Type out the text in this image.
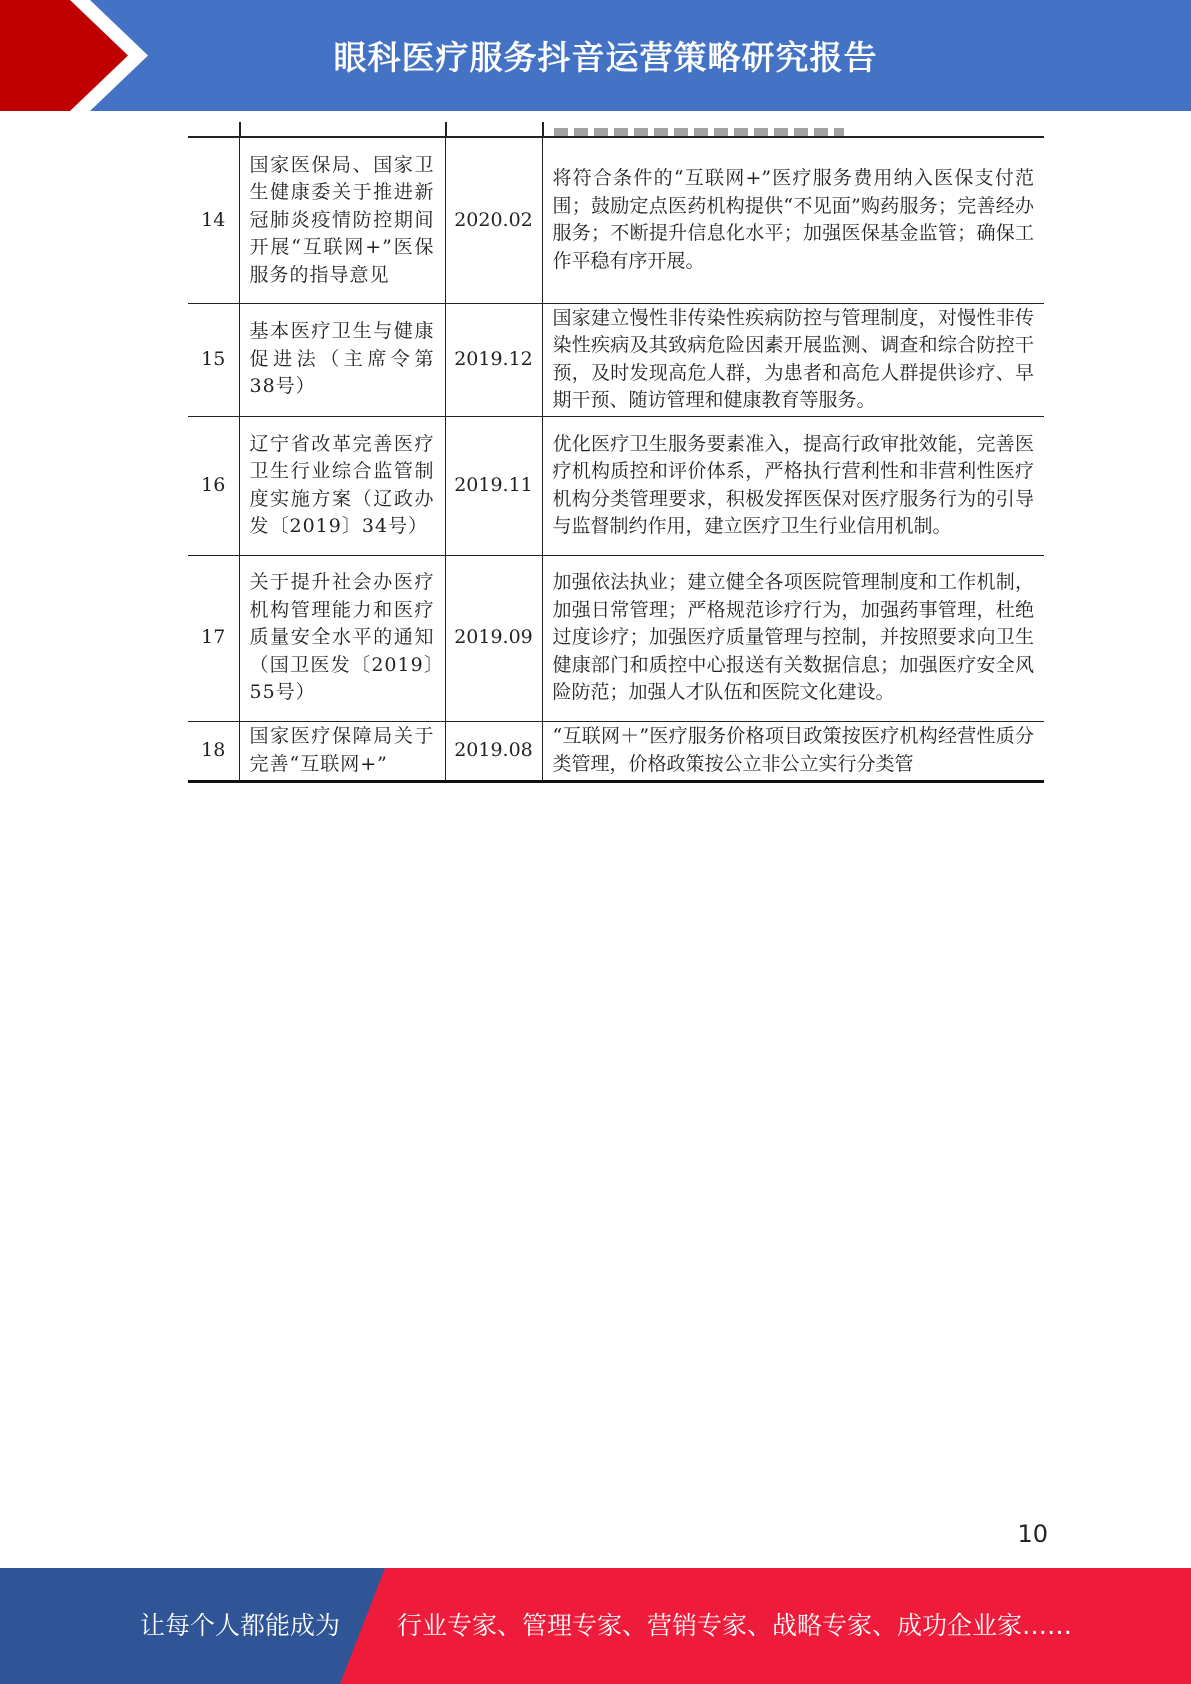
眼科医疗服务抖音运营策略研究报告
14	国家医保局、国家卫生健康委关于推进新冠肺炎疫情防控期间开展“互联网+”医保服务的指导意见	2020.02	将符合条件的“互联网+”医疗服务费用纳入医保支付范围；鼓励定点医药机构提供“不见面”购药服务；完善经办服务；不断提升信息化水平；加强医保基金监管；确保工作平稳有序开展。
15	基本医疗卫生与健康促进法（主席令第38号）	2019.12	国家建立慢性非传染性疾病防控与管理制度，对慢性非传染性疾病及其致病危险因素开展监测、调查和综合防控干预，及时发现高危人群，为患者和高危人群提供诊疗、早期干预、随访管理和健康教育等服务。
16	辽宁省改革完善医疗卫生行业综合监管制度实施方案（辽政办发〔2019〕34号）	2019.11	优化医疗卫生服务要素准入，提高行政审批效能，完善医疗机构质控和评价体系，严格执行营利性和非营利性医疗机构分类管理要求，积极发挥医保对医疗服务行为的引导与监督制约作用，建立医疗卫生行业信用机制。
17	关于提升社会办医疗机构管理能力和医疗质量安全水平的通知（国卫医发〔2019〕55号）	2019.09	加强依法执业；建立健全各项医院管理制度和工作机制，加强日常管理；严格规范诊疗行为，加强药事管理，杜绝过度诊疗；加强医疗质量管理与控制，并按照要求向卫生健康部门和质控中心报送有关数据信息；加强医疗安全风险防范；加强人才队伍和医院文化建设。
18	国家医疗保障局关于完善“互联网+”	2019.08	“互联网＋”医疗服务价格项目政策按医疗机构经营性质分类管理，价格政策按公立非公立实行分类管
10
让每个人都能成为 行业专家、管理专家、营销专家、战略专家、成功企业家……
